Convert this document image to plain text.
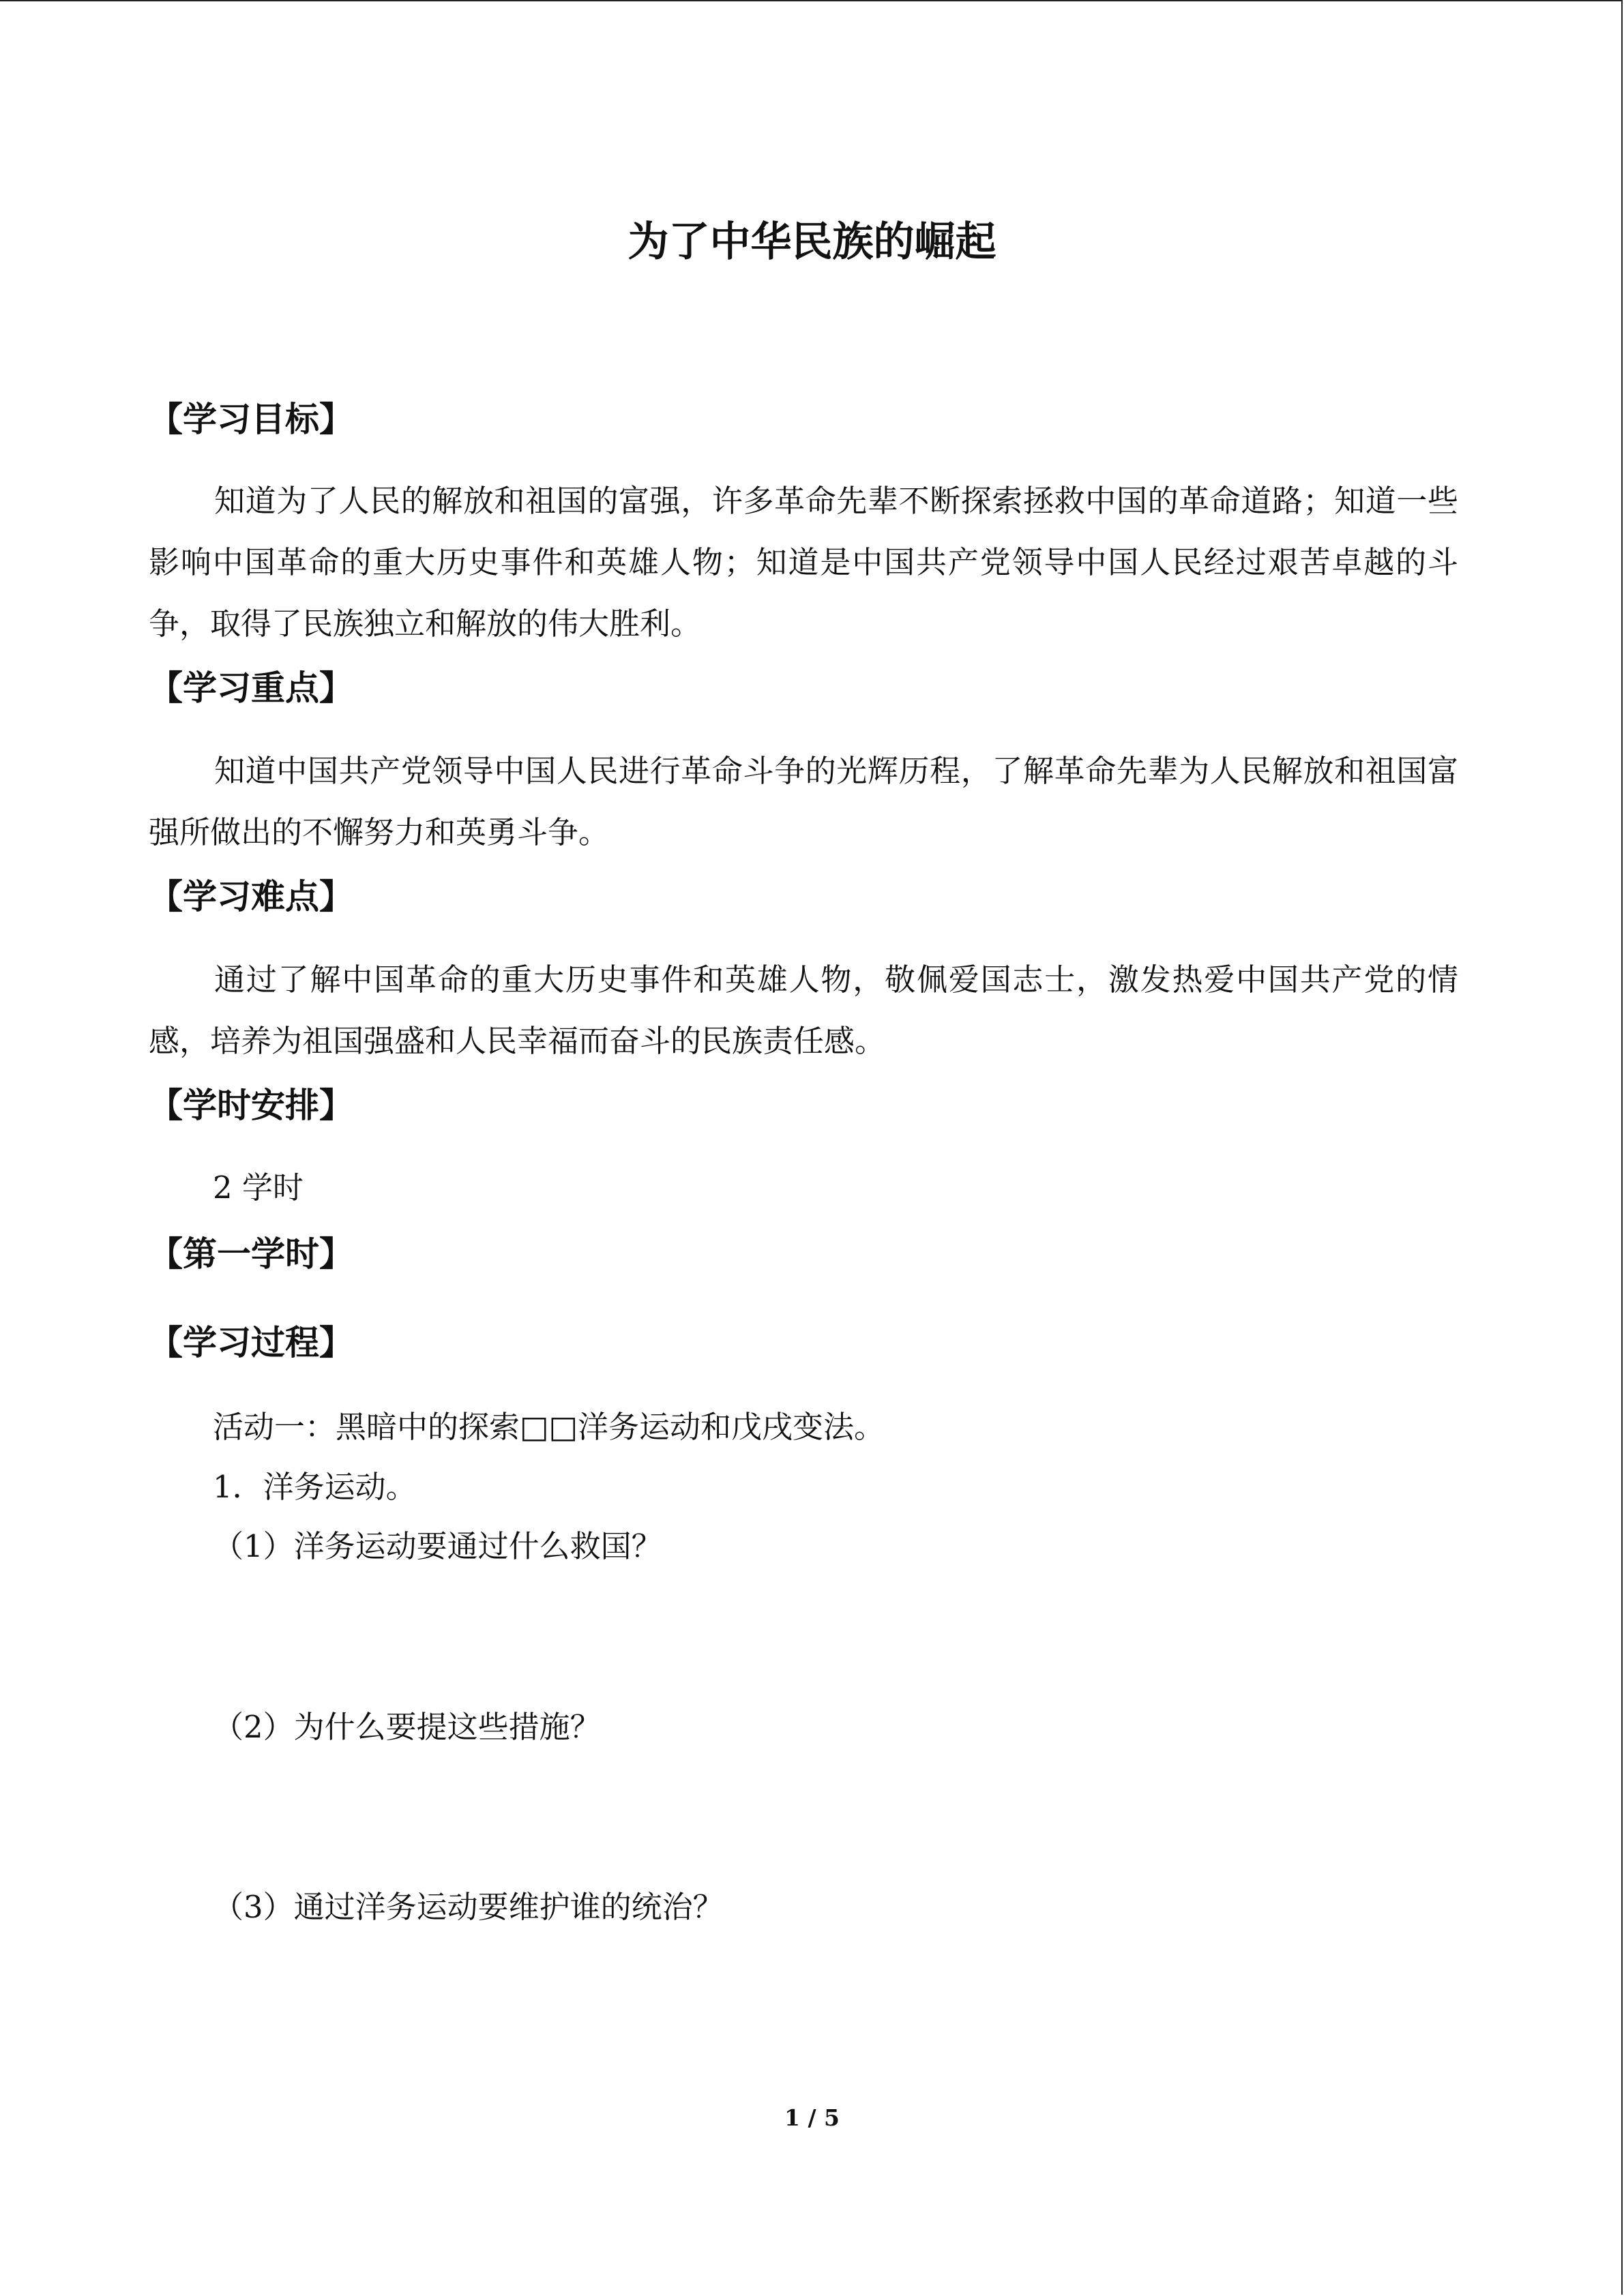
为了中华民族的崛起
【学习目标】
知道为了人民的解放和祖国的富强，许多革命先辈不断探索拯救中国的革命道路；知道一些影响中国革命的重大历史事件和英雄人物；知道是中国共产党领导中国人民经过艰苦卓越的斗争，取得了民族独立和解放的伟大胜利。
【学习重点】
知道中国共产党领导中国人民进行革命斗争的光辉历程，了解革命先辈为人民解放和祖国富强所做出的不懈努力和英勇斗争。
【学习难点】
通过了解中国革命的重大历史事件和英雄人物，敬佩爱国志士，激发热爱中国共产党的情感，培养为祖国强盛和人民幸福而奋斗的民族责任感。
【学时安排】
2 学时
【第一学时】
【学习过程】
活动一：黑暗中的探索□□洋务运动和戊戌变法。
1．洋务运动。
（1）洋务运动要通过什么救国？
（2）为什么要提这些措施？
（3）通过洋务运动要维护谁的统治？
1 / 5
